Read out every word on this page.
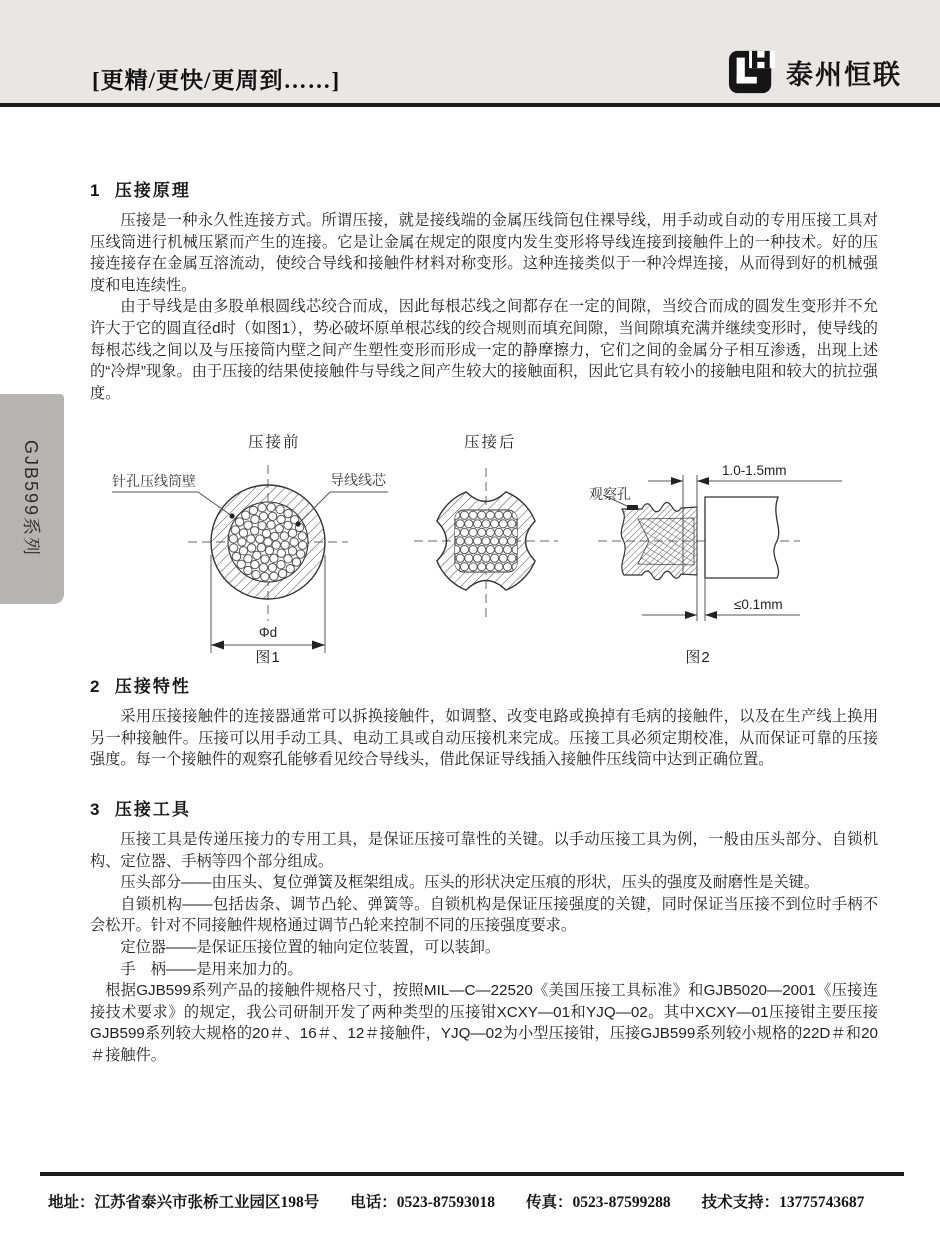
[更精/更快/更周到……]	泰州恒联
GJB599系列
1 压接原理

压接是一种永久性连接方式。所谓压接，就是接线端的金属压线筒包住裸导线，用手动或自动的专用压接工具对压线筒进行机械压紧而产生的连接。它是让金属在规定的限度内发生变形将导线连接到接触件上的一种技术。好的压接连接存在金属互溶流动，使绞合导线和接触件材料对称变形。这种连接类似于一种冷焊连接，从而得到好的机械强度和电连续性。

由于导线是由多股单根圆线芯绞合而成，因此每根芯线之间都存在一定的间隙，当绞合而成的圆发生变形并不允许大于它的圆直径d时（如图1），势必破坏原单根芯线的绞合规则而填充间隙，当间隙填充满并继续变形时，使导线的每根芯线之间以及与压接筒内壁之间产生塑性变形而形成一定的静摩擦力，它们之间的金属分子相互渗透，出现上述的“冷焊”现象。由于压接的结果使接触件与导线之间产生较大的接触面积，因此它具有较小的接触电阻和较大的抗拉强度。

Φd
图1
1.0-1.5mm
≤0.1mm
图2
压接前	压接后
针孔压线筒壁	导线线芯
观察孔
2 压接特性

采用压接接触件的连接器通常可以拆换接触件，如调整、改变电路或换掉有毛病的接触件，以及在生产线上换用另一种接触件。压接可以用手动工具、电动工具或自动压接机来完成。压接工具必须定期校准，从而保证可靠的压接强度。每一个接触件的观察孔能够看见绞合导线头，借此保证导线插入接触件压线筒中达到正确位置。

3 压接工具

压接工具是传递压接力的专用工具，是保证压接可靠性的关键。以手动压接工具为例，一般由压头部分、自锁机构、定位器、手柄等四个部分组成。

压头部分——由压头、复位弹簧及框架组成。压头的形状决定压痕的形状，压头的强度及耐磨性是关键。

自锁机构——包括齿条、调节凸轮、弹簧等。自锁机构是保证压接强度的关键，同时保证当压接不到位时手柄不会松开。针对不同接触件规格通过调节凸轮来控制不同的压接强度要求。

定位器——是保证压接位置的轴向定位装置，可以装卸。

手　柄——是用来加力的。

根据GJB599系列产品的接触件规格尺寸，按照MIL—C—22520《美国压接工具标准》和GJB5020—2001《压接连接技术要求》的规定，我公司研制开发了两种类型的压接钳XCXY—01和YJQ—02。其中XCXY—01压接钳主要压接GJB599系列较大规格的20＃、16＃、12＃接触件，YJQ—02为小型压接钳，压接GJB599系列较小规格的22D＃和20＃接触件。

地址：江苏省泰兴市张桥工业园区198号 电话：0523-87593018 传真：0523-87599288 技术支持：13775743687
